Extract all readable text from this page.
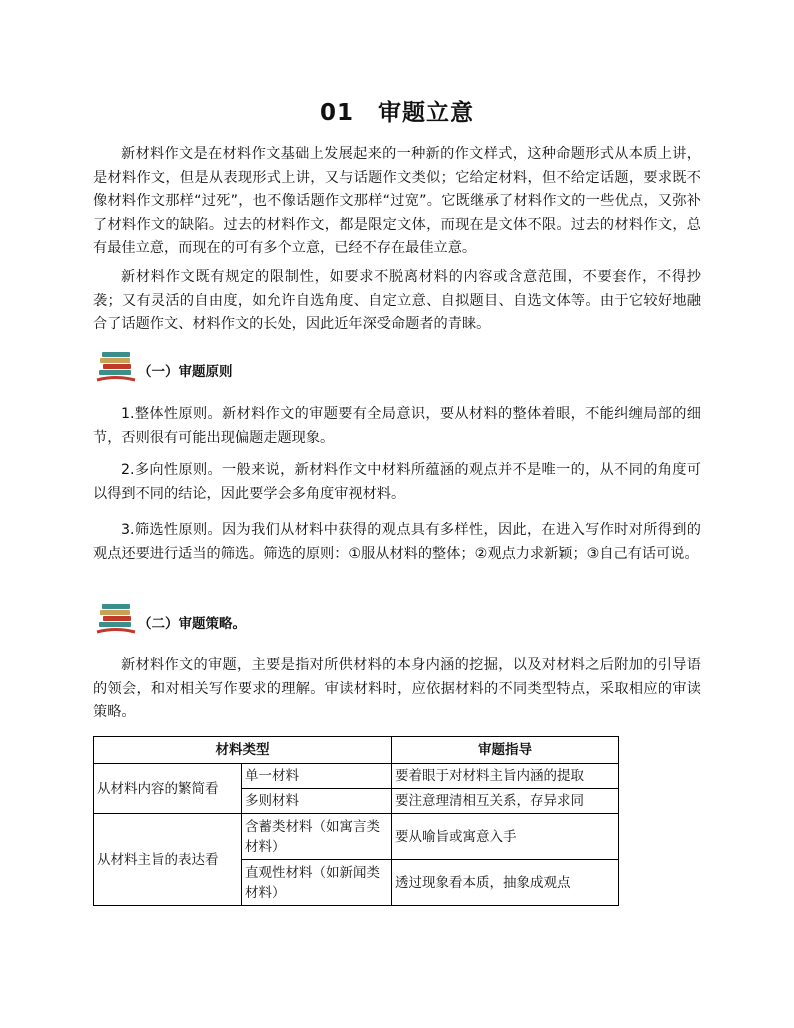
01　审题立意

新材料作文是在材料作文基础上发展起来的一种新的作文样式，这种命题形式从本质上讲，是材料作文，但是从表现形式上讲，又与话题作文类似；它给定材料，但不给定话题，要求既不像材料作文那样“过死”，也不像话题作文那样“过宽”。它既继承了材料作文的一些优点，又弥补了材料作文的缺陷。过去的材料作文，都是限定文体，而现在是文体不限。过去的材料作文，总有最佳立意，而现在的可有多个立意，已经不存在最佳立意。

新材料作文既有规定的限制性，如要求不脱离材料的内容或含意范围，不要套作，不得抄袭；又有灵活的自由度，如允许自选角度、自定立意、自拟题目、自选文体等。由于它较好地融合了话题作文、材料作文的长处，因此近年深受命题者的青睐。

（一）审题原则

1.整体性原则。新材料作文的审题要有全局意识，要从材料的整体着眼，不能纠缠局部的细节，否则很有可能出现偏题走题现象。

2.多向性原则。一般来说，新材料作文中材料所蕴涵的观点并不是唯一的，从不同的角度可以得到不同的结论，因此要学会多角度审视材料。

3.筛选性原则。因为我们从材料中获得的观点具有多样性，因此，在进入写作时对所得到的观点还要进行适当的筛选。筛选的原则：①服从材料的整体；②观点力求新颖；③自己有话可说。

（二）审题策略。

新材料作文的审题，主要是指对所供材料的本身内涵的挖掘，以及对材料之后附加的引导语的领会，和对相关写作要求的理解。审读材料时，应依据材料的不同类型特点，采取相应的审读策略。

材料类型		审题指导
从材料内容的繁简看	单一材料	要着眼于对材料主旨内涵的提取
	多则材料	要注意理清相互关系，存异求同
从材料主旨的表达看	含蓄类材料（如寓言类材料）	要从喻旨或寓意入手
	直观性材料（如新闻类材料）	透过现象看本质，抽象成观点
